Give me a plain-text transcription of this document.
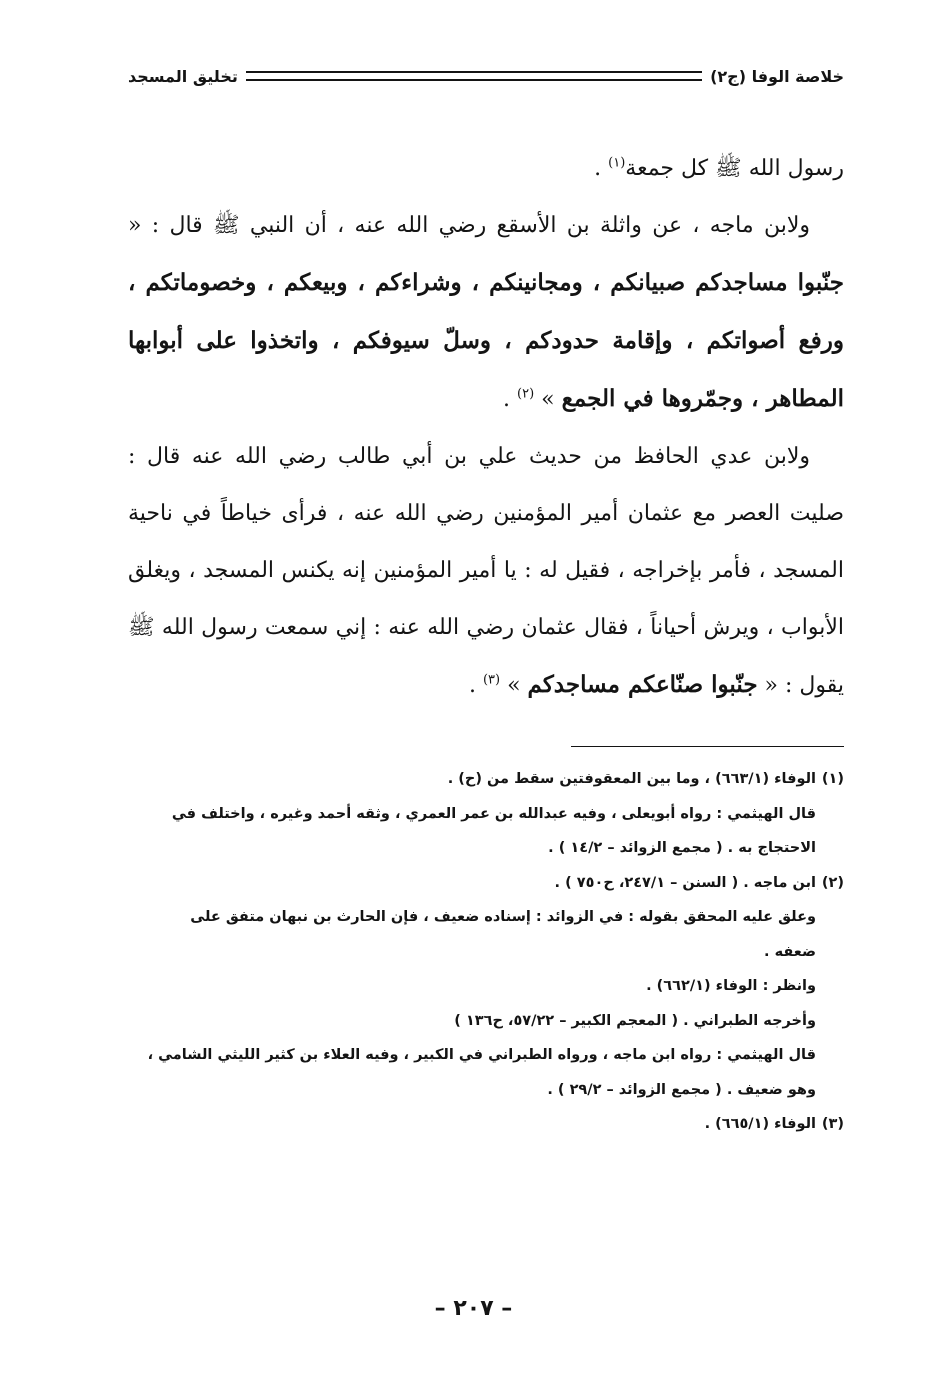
خلاصة الوفا (ج٢)
تخليق المسجد

رسول الله ﷺ كل جمعة$^{(١)}$ .

ولابن ماجه ، عن واثلة بن الأسقع رضي الله عنه ، أن النبي ﷺ قال : « جنّبوا مساجدكم صبيانكم ، ومجانينكم ، وشراءكم ، وبيعكم ، وخصوماتكم ، ورفع أصواتكم ، وإقامة حدودكم ، وسلّ سيوفكم ، واتخذوا على أبوابها المطاهر ، وجمّروها في الجمع » $^{(٢)}$ .

ولابن عدي الحافظ من حديث علي بن أبي طالب رضي الله عنه قال : صليت العصر مع عثمان أمير المؤمنين رضي الله عنه ، فرأى خياطاً في ناحية المسجد ، فأمر بإخراجه ، فقيل له : يا أمير المؤمنين إنه يكنس المسجد ، ويغلق الأبواب ، ويرش أحياناً ، فقال عثمان رضي الله عنه : إني سمعت رسول الله ﷺ يقول : « جنّبوا صنّاعكم مساجدكم » $^{(٣)}$ .

(١)الوفاء (٦٦٣/١) ، وما بين المعقوفتين سقط من (ح) .
قال الهيثمي : رواه أبويعلى ، وفيه عبدالله بن عمر العمري ، وثقه أحمد وغيره ، واختلف في
الاحتجاج به . ( مجمع الزوائد – ١٤/٢ ) .
(٢)ابن ماجه . ( السنن – ٢٤٧/١، ح٧٥٠ ) .
وعلق عليه المحقق بقوله : في الزوائد : إسناده ضعيف ، فإن الحارث بن نبهان متفق على
ضعفه .
وانظر : الوفاء (٦٦٢/١) .
وأخرجه الطبراني . ( المعجم الكبير – ٥٧/٢٢، ح١٣٦ )
قال الهيثمي : رواه ابن ماجه ، ورواه الطبراني في الكبير ، وفيه العلاء بن كثير الليثي الشامي ،
وهو ضعيف . ( مجمع الزوائد – ٢٩/٢ ) .
(٣)الوفاء (٦٦٥/١) .
– ٢٠٧ –
